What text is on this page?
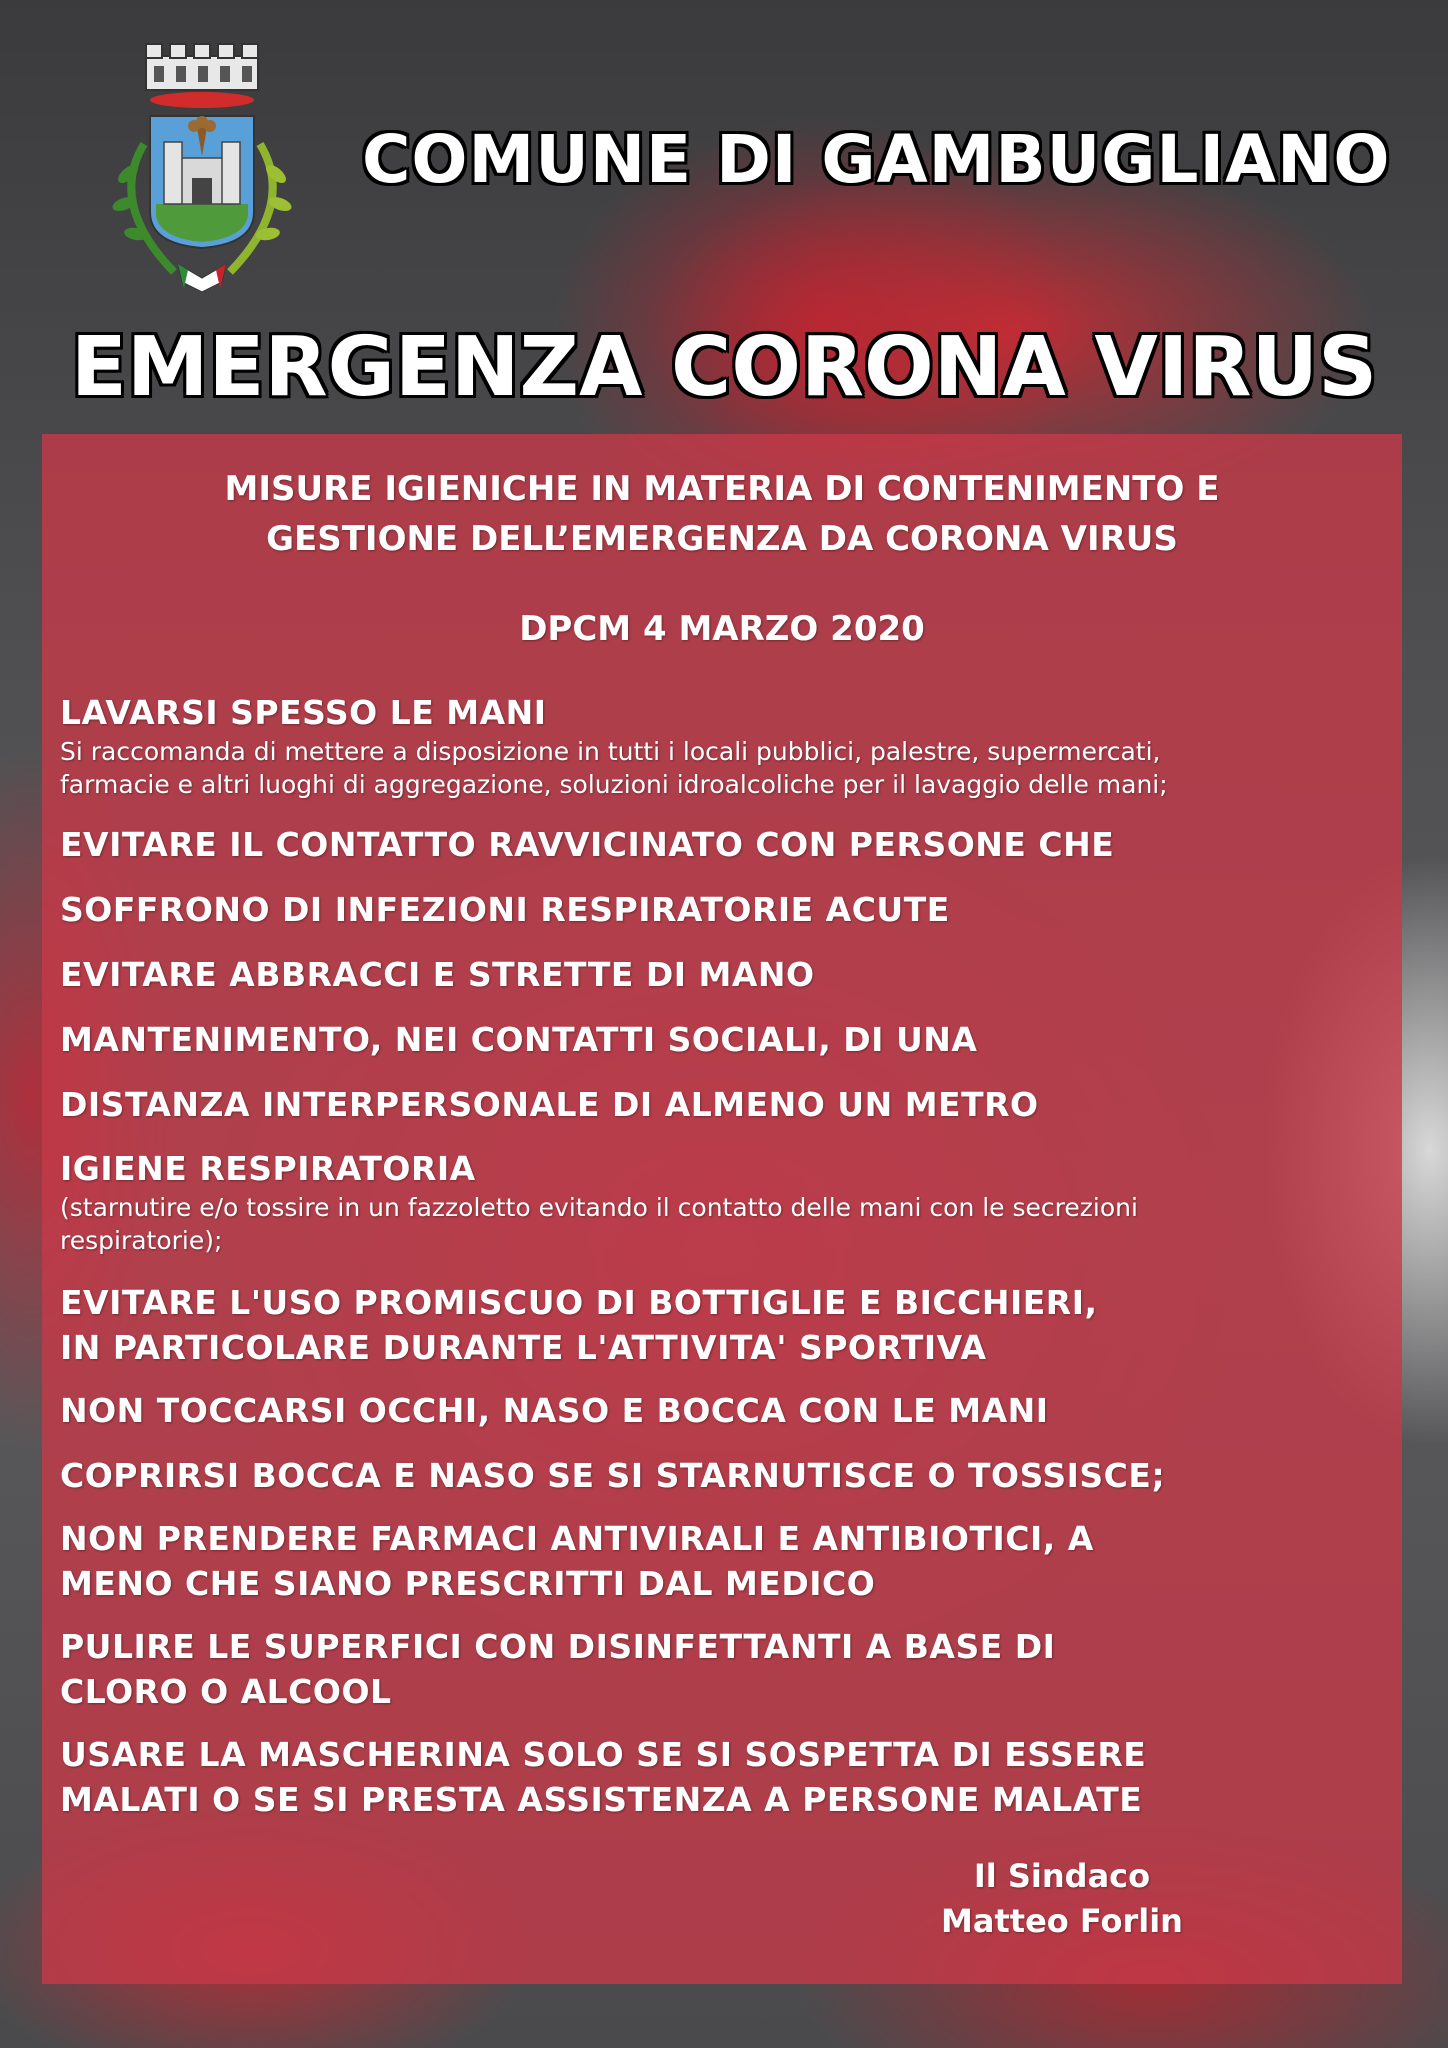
COMUNE DI GAMBUGLIANO
EMERGENZA CORONA VIRUS
MISURE IGIENICHE IN MATERIA DI CONTENIMENTO E
GESTIONE DELL’EMERGENZA DA CORONA VIRUS
DPCM 4 MARZO 2020
LAVARSI SPESSO LE MANI
Si raccomanda di mettere a disposizione in tutti i locali pubblici, palestre, supermercati,
farmacie e altri luoghi di aggregazione, soluzioni idroalcoliche per il lavaggio delle mani;
EVITARE IL CONTATTO RAVVICINATO CON PERSONE CHE
SOFFRONO DI INFEZIONI RESPIRATORIE ACUTE
EVITARE ABBRACCI E STRETTE DI MANO
MANTENIMENTO, NEI CONTATTI SOCIALI, DI UNA
DISTANZA INTERPERSONALE DI ALMENO UN METRO
IGIENE RESPIRATORIA
(starnutire e/o tossire in un fazzoletto evitando il contatto delle mani con le secrezioni
respiratorie);
EVITARE L'USO PROMISCUO DI BOTTIGLIE E BICCHIERI,
IN PARTICOLARE DURANTE L'ATTIVITA' SPORTIVA
NON TOCCARSI OCCHI, NASO E BOCCA CON LE MANI
COPRIRSI BOCCA E NASO SE SI STARNUTISCE O TOSSISCE;
NON PRENDERE FARMACI ANTIVIRALI E ANTIBIOTICI, A
MENO CHE SIANO PRESCRITTI DAL MEDICO
PULIRE LE SUPERFICI CON DISINFETTANTI A BASE DI
CLORO O ALCOOL
USARE LA MASCHERINA SOLO SE SI SOSPETTA DI ESSERE
MALATI O SE SI PRESTA ASSISTENZA A PERSONE MALATE
Il Sindaco
Matteo Forlin
